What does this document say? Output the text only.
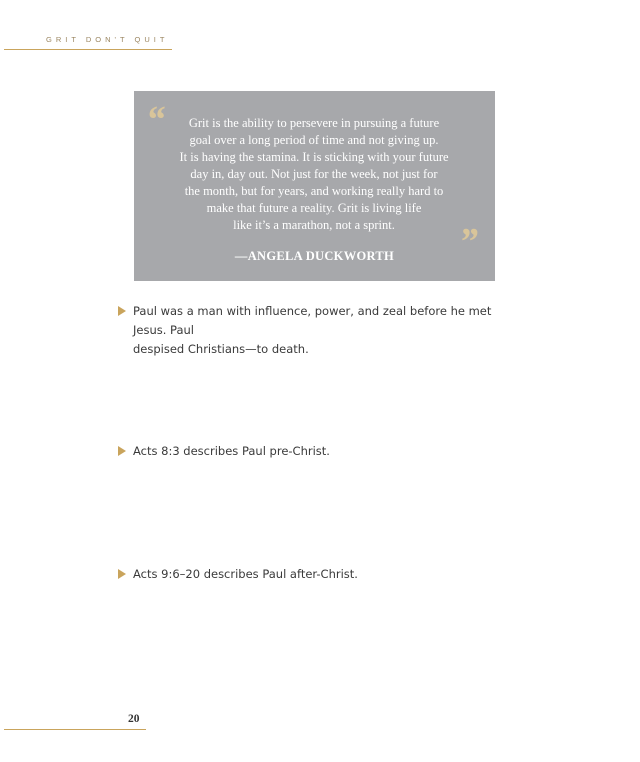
GRIT DON'T QUIT
“	Grit is the ability to persevere in pursuing a future
goal over a long period of time and not giving up.
It is having the stamina. It is sticking with your future
day in, day out. Not just for the week, not just for
the month, but for years, and working really hard to
make that future a reality. Grit is living life
like it’s a marathon, not a sprint.	”
—ANGELA DUCKWORTH
Paul was a man with influence, power, and zeal before he met Jesus. Paul
despised Christians—to death.
Acts 8:3 describes Paul pre-Christ.
Acts 9:6–20 describes Paul after-Christ.
20
